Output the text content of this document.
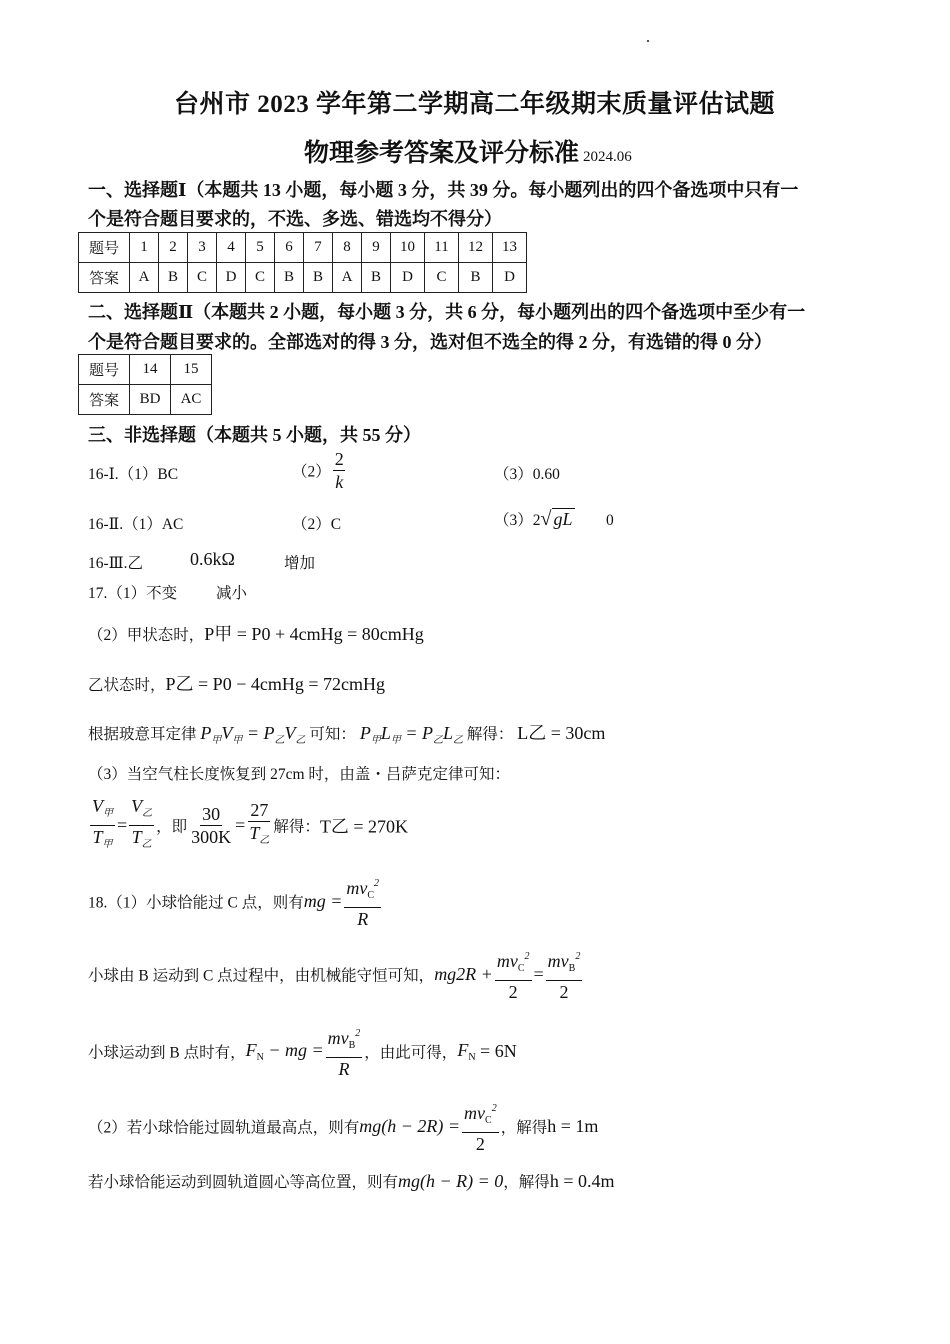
台州市 2023 学年第二学期高二年级期末质量评估试题
物理参考答案及评分标准 2024.06
一、选择题Ⅰ（本题共 13 小题，每小题 3 分，共 39 分。每小题列出的四个备选项中只有一
个是符合题目要求的，不选、多选、错选均不得分）
题号	1	2	3	4	5	6	7	8	9	10	11	12	13
答案	A	B	C	D	C	B	B	A	B	D	C	B	D
二、选择题Ⅱ（本题共 2 小题，每小题 3 分，共 6 分，每小题列出的四个备选项中至少有一
个是符合题目要求的。全部选对的得 3 分，选对但不选全的得 2 分，有选错的得 0 分）
题号	14	15
答案	BD	AC
三、非选择题（本题共 5 小题，共 55 分）
16-Ⅰ.（1）BC	$(2) \frac{2}{k}$	（3）0.60
16-Ⅱ.（1）AC	（2）C	（3）2√ gL 0
16-Ⅲ.乙	0.6kΩ	增加
17.（1）不变	减小
（2）甲状态时，P甲 = P0 + 4cmHg = 80cmHg
乙状态时，P乙 = P0 − 4cmHg = 72cmHg
根据玻意耳定律 $P_甲V_甲 = P_乙V_乙$ 可知： $P_甲L_甲 = P_乙L_乙$ 解得： L乙 = 30cm
（3）当空气柱长度恢复到 27cm 时，由盖・吕萨克定律可知：
$\frac{V_甲}{T_甲} = \frac{V_乙}{T_乙}$ ，即 $\frac{30}{300K} = \frac{27}{T_乙}$ 解得：T乙 = 270K
18.（1）小球恰能过 C 点，则有mg = $\frac{mv_C^2}{R}$
小球由 B 运动到 C 点过程中，由机械能守恒可知，$mg2R + \frac{mv_C^2}{2} = \frac{mv_B^2}{2}$
小球运动到 B 点时有，$F_N$ − mg = $\frac{mv_B^2}{R}$ ，由此可得，$F_N = 6N$
（2）若小球恰能过圆轨道最高点，则有$mg(h - 2R) = \frac{mv_C^2}{2}$ ，解得h = 1m
若小球恰能运动到圆轨道圆心等高位置，则有mg(h − R) = 0，解得h = 0.4m
